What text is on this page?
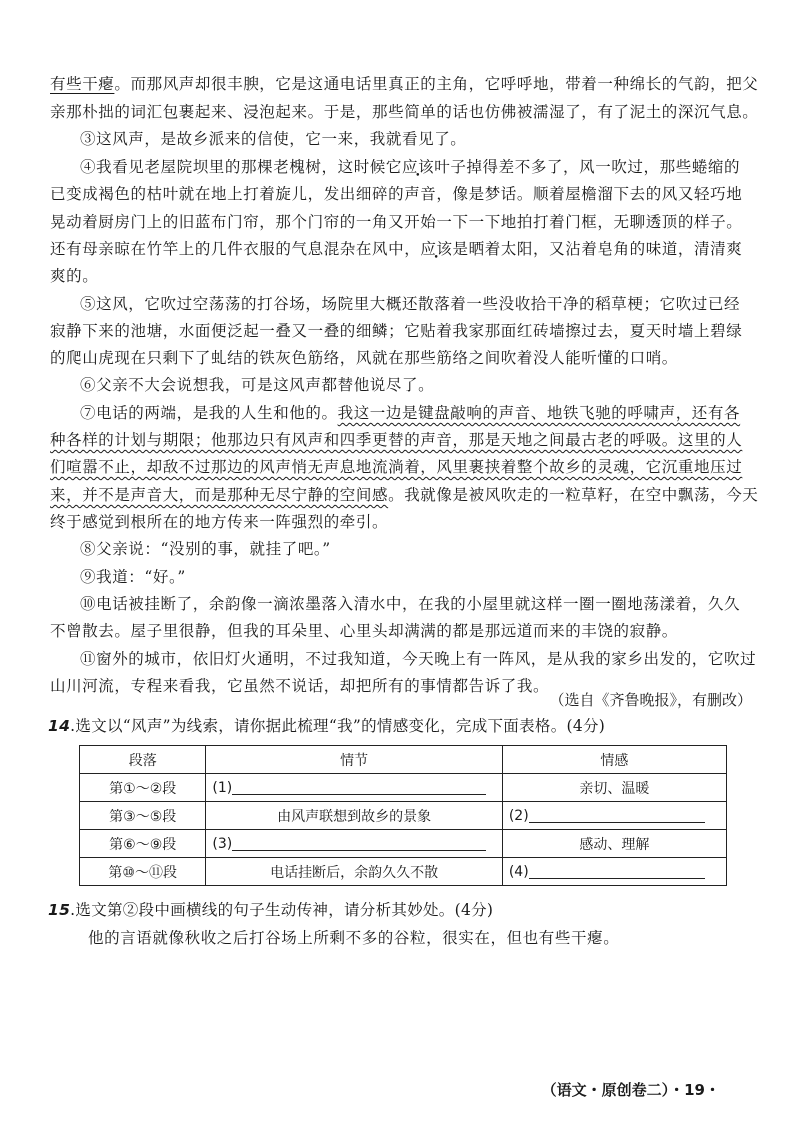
有些干瘪。而那风声却很丰腴，它是这通电话里真正的主角，它呼呼地，带着一种绵长的气韵，把父
亲那朴拙的词汇包裹起来、浸泡起来。于是，那些简单的话也仿佛被濡湿了，有了泥土的深沉气息。
③这风声，是故乡派来的信使，它一来，我就看见了。
④我看见老屋院坝里的那棵老槐树，这时候它应该叶子掉得差不多了，风一吹过，那些蜷缩的
已变成褐色的枯叶就在地上打着旋儿，发出细碎的声音，像是梦话。顺着屋檐溜下去的风又轻巧地
晃动着厨房门上的旧蓝布门帘，那个门帘的一角又开始一下一下地拍打着门框，无聊透顶的样子。
还有母亲晾在竹竿上的几件衣服的气息混杂在风中，应该是晒着太阳，又沾着皂角的味道，清清爽
爽的。
⑤这风，它吹过空荡荡的打谷场，场院里大概还散落着一些没收拾干净的稻草梗；它吹过已经
寂静下来的池塘，水面便泛起一叠又一叠的细鳞；它贴着我家那面红砖墙擦过去，夏天时墙上碧绿
的爬山虎现在只剩下了虬结的铁灰色筋络，风就在那些筋络之间吹着没人能听懂的口哨。
⑥父亲不大会说想我，可是这风声都替他说尽了。
⑦电话的两端，是我的人生和他的。我这一边是键盘敲响的声音、地铁飞驰的呼啸声，还有各
种各样的计划与期限；他那边只有风声和四季更替的声音，那是天地之间最古老的呼吸。这里的人
们喧嚣不止，却敌不过那边的风声悄无声息地流淌着，风里裹挟着整个故乡的灵魂，它沉重地压过
来，并不是声音大，而是那种无尽宁静的空间感。我就像是被风吹走的一粒草籽，在空中飘荡，今天
终于感觉到根所在的地方传来一阵强烈的牵引。
⑧父亲说：“没别的事，就挂了吧。”
⑨我道：“好。”
⑩电话被挂断了，余韵像一滴浓墨落入清水中，在我的小屋里就这样一圈一圈地荡漾着，久久
不曾散去。屋子里很静，但我的耳朵里、心里头却满满的都是那远道而来的丰饶的寂静。
⑪窗外的城市，依旧灯火通明，不过我知道，今天晚上有一阵风，是从我的家乡出发的，它吹过
山川河流，专程来看我，它虽然不说话，却把所有的事情都告诉了我。
（选自《齐鲁晚报》，有删改）
14.选文以“风声”为线索，请你据此梳理“我”的情感变化，完成下面表格。(4分)
段落	情节	情感
第①～②段	(1)	亲切、温暖
第③～⑤段	由风声联想到故乡的景象	(2)
第⑥～⑨段	(3)	感动、理解
第⑩～⑪段	电话挂断后，余韵久久不散	(4)
15.选文第②段中画横线的句子生动传神，请分析其妙处。(4分)
他的言语就像秋收之后打谷场上所剩不多的谷粒，很实在，但也有些干瘪。
（语文・原创卷二）・19・
